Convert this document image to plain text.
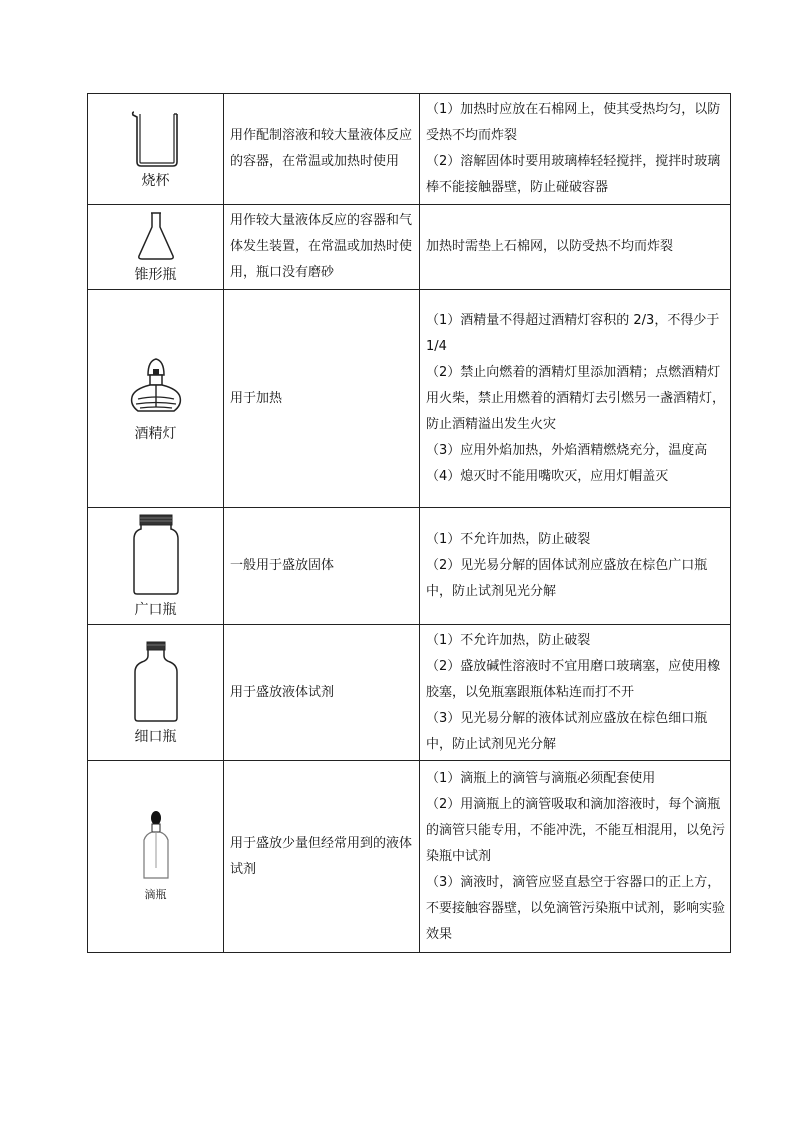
烧杯	用作配制溶液和较大量液体反应的容器，在常温或加热时使用	（1）加热时应放在石棉网上，使其受热均匀，以防受热不均而炸裂
（2）溶解固体时要用玻璃棒轻轻搅拌，搅拌时玻璃棒不能接触器壁，防止碰破容器

锥形瓶	用作较大量液体反应的容器和气体发生装置，在常温或加热时使用，瓶口没有磨砂	加热时需垫上石棉网，以防受热不均而炸裂

酒精灯	用于加热	（1）酒精量不得超过酒精灯容积的 2/3，不得少于 1/4
（2）禁止向燃着的酒精灯里添加酒精；点燃酒精灯用火柴，禁止用燃着的酒精灯去引燃另一盏酒精灯，防止酒精溢出发生火灾
（3）应用外焰加热，外焰酒精燃烧充分，温度高
（4）熄灭时不能用嘴吹灭，应用灯帽盖灭

广口瓶	一般用于盛放固体	（1）不允许加热，防止破裂
（2）见光易分解的固体试剂应盛放在棕色广口瓶中，防止试剂见光分解

细口瓶	用于盛放液体试剂	（1）不允许加热，防止破裂
（2）盛放碱性溶液时不宜用磨口玻璃塞，应使用橡胶塞，以免瓶塞跟瓶体粘连而打不开
（3）见光易分解的液体试剂应盛放在棕色细口瓶中，防止试剂见光分解

滴瓶	用于盛放少量但经常用到的液体试剂	（1）滴瓶上的滴管与滴瓶必须配套使用
（2）用滴瓶上的滴管吸取和滴加溶液时，每个滴瓶的滴管只能专用，不能冲洗，不能互相混用，以免污染瓶中试剂
（3）滴液时，滴管应竖直悬空于容器口的正上方，不要接触容器壁，以免滴管污染瓶中试剂，影响实验效果
